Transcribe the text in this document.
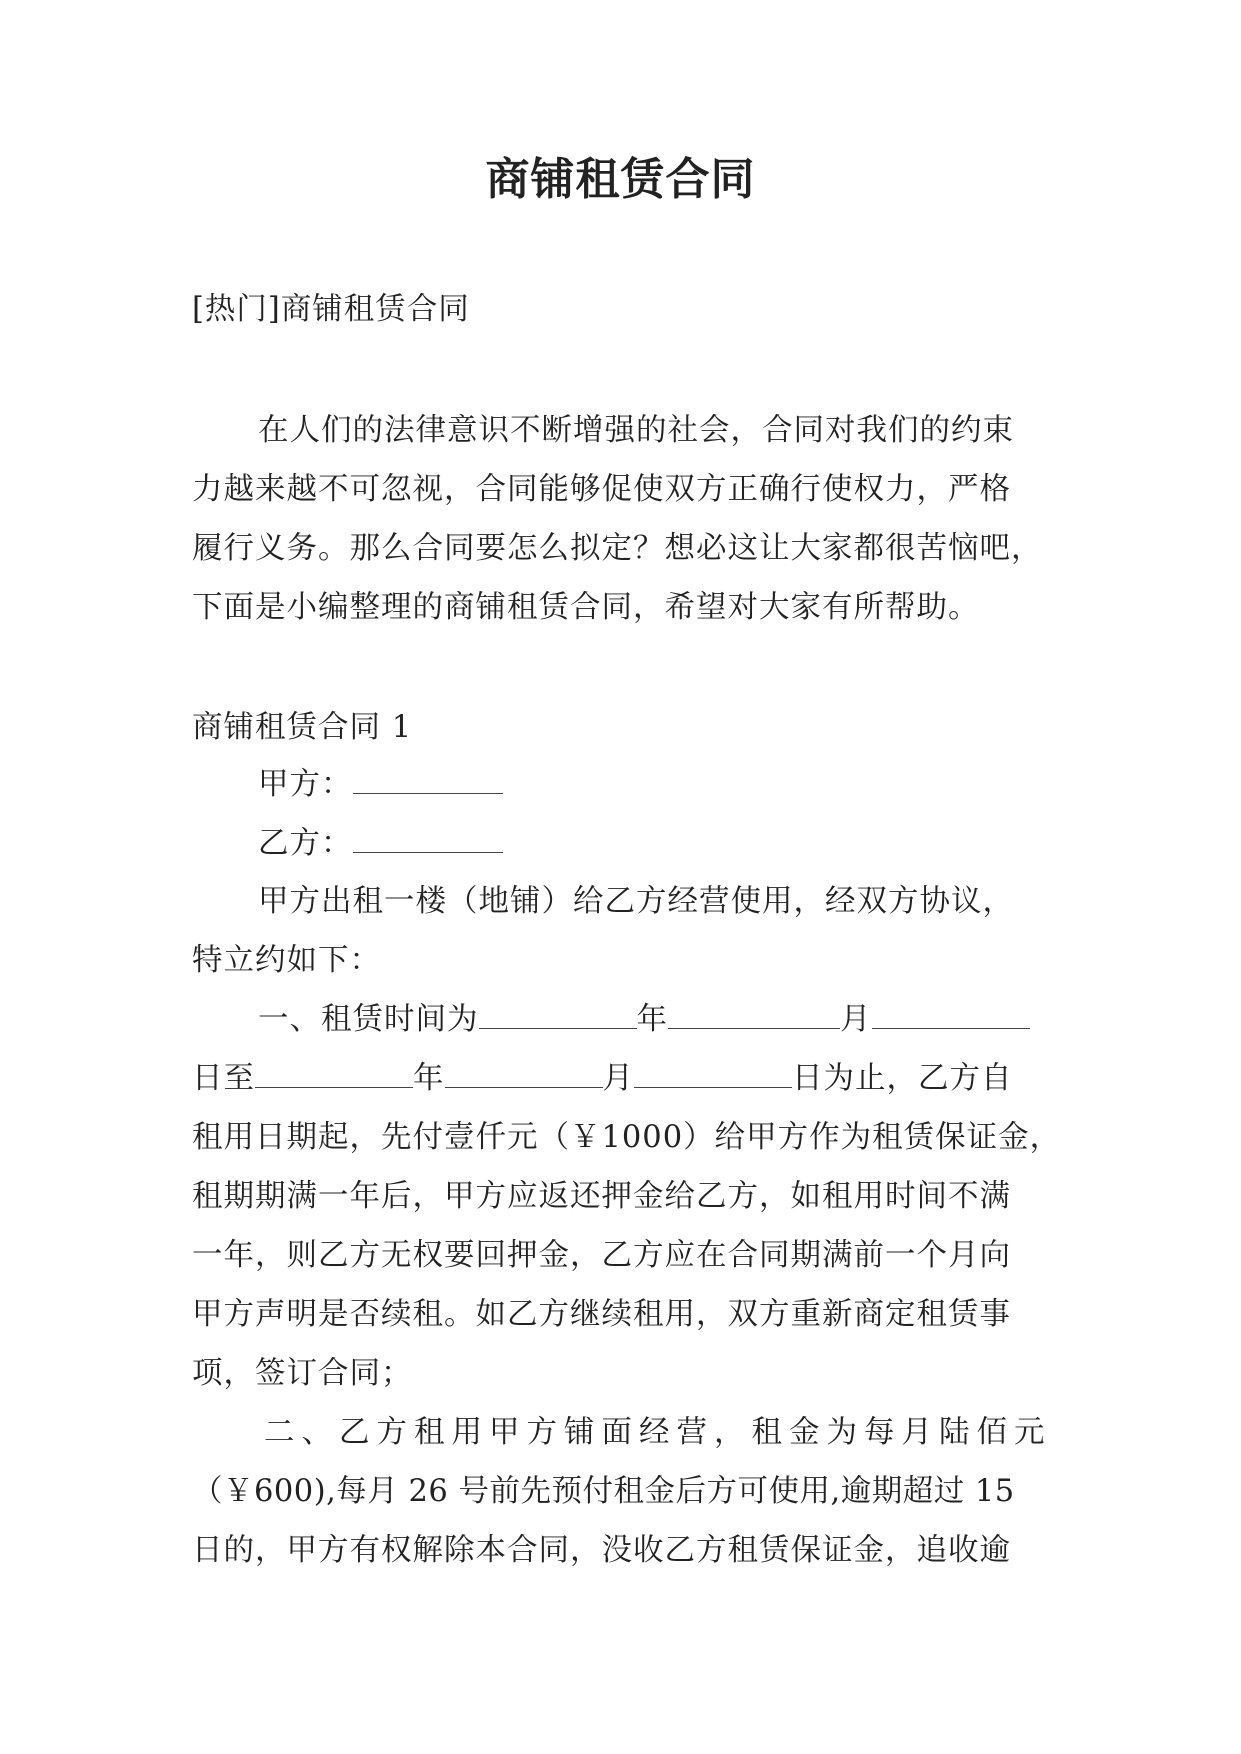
商铺租赁合同
[热门]商铺租赁合同
在人们的法律意识不断增强的社会，合同对我们的约束
力越来越不可忽视，合同能够促使双方正确行使权力，严格
履行义务。那么合同要怎么拟定？想必这让大家都很苦恼吧，
下面是小编整理的商铺租赁合同，希望对大家有所帮助。
商铺租赁合同 1
甲方：
乙方：
甲方出租一楼（地铺）给乙方经营使用，经双方协议，
特立约如下：
一、租赁时间为	年	月
日至	年	月	日为止，乙方自
租用日期起，先付壹仟元（￥1000）给甲方作为租赁保证金，
租期期满一年后，甲方应返还押金给乙方，如租用时间不满
一年，则乙方无权要回押金，乙方应在合同期满前一个月向
甲方声明是否续租。如乙方继续租用，双方重新商定租赁事
项，签订合同；
二、乙方租用甲方铺面经营，租金为每月陆佰元
（￥600),每月 26 号前先预付租金后方可使用,逾期超过 15
日的，甲方有权解除本合同，没收乙方租赁保证金，追收逾
